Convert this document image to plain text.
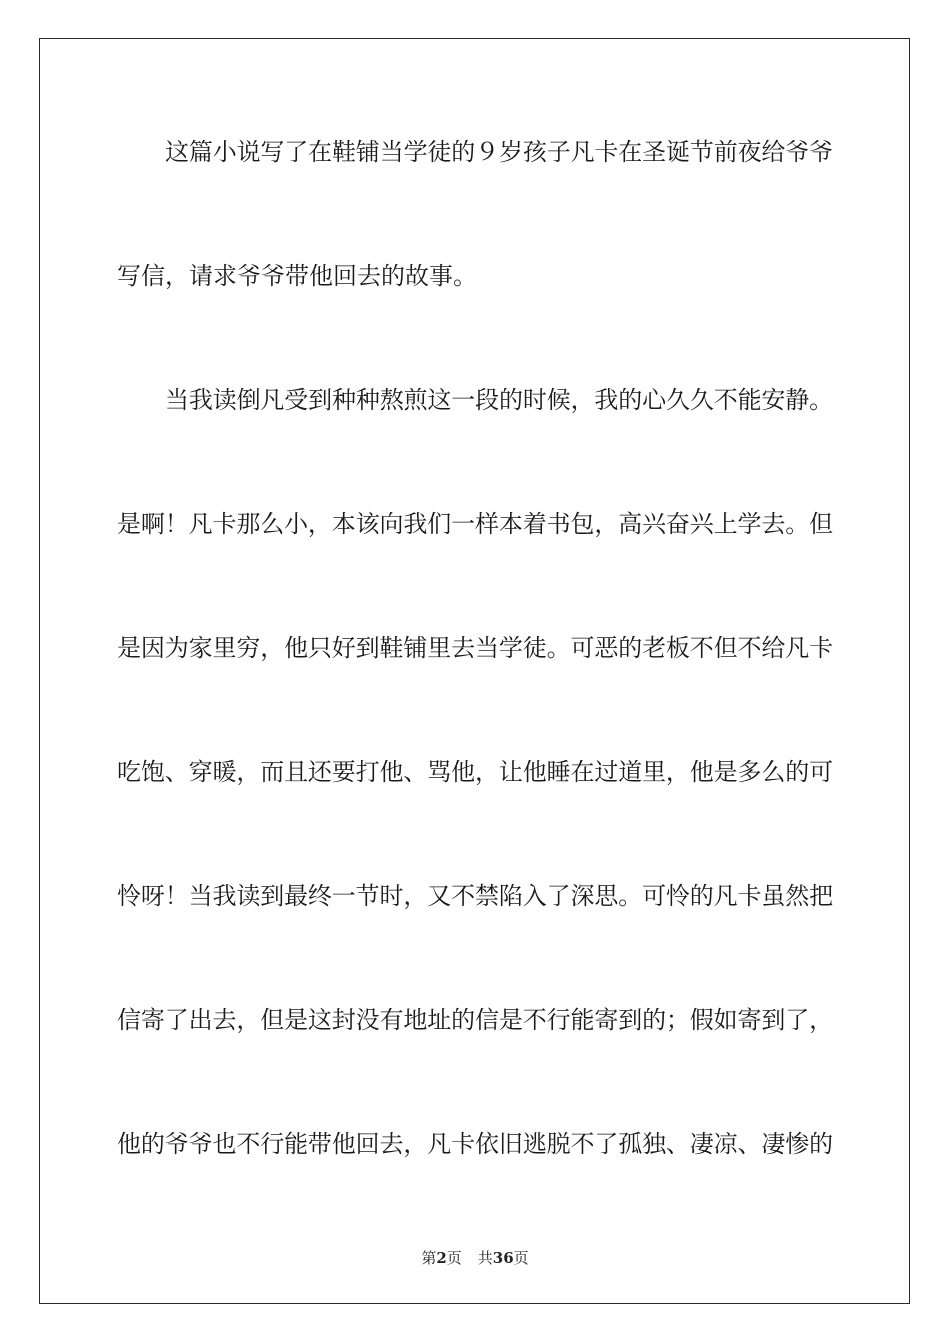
这篇小说写了在鞋铺当学徒的９岁孩子凡卡在圣诞节前夜给爷爷
写信，请求爷爷带他回去的故事。
当我读倒凡受到种种熬煎这一段的时候，我的心久久不能安静。
是啊！凡卡那么小，本该向我们一样本着书包，高兴奋兴上学去。但
是因为家里穷，他只好到鞋铺里去当学徒。可恶的老板不但不给凡卡
吃饱、穿暖，而且还要打他、骂他，让他睡在过道里，他是多么的可
怜呀！当我读到最终一节时，又不禁陷入了深思。可怜的凡卡虽然把
信寄了出去，但是这封没有地址的信是不行能寄到的；假如寄到了，
他的爷爷也不行能带他回去，凡卡依旧逃脱不了孤独、凄凉、凄惨的
第2页 共36页
